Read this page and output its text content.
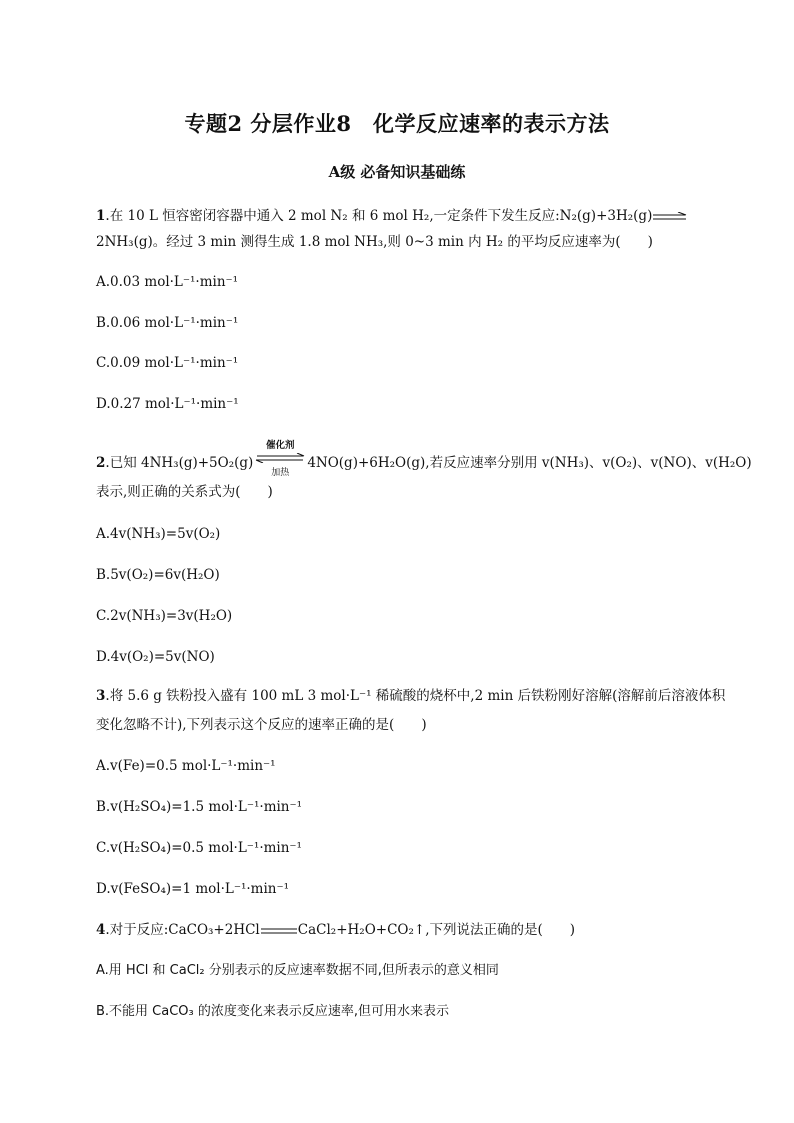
专题2 分层作业8　化学反应速率的表示方法
A级 必备知识基础练
1.在 10 L 恒容密闭容器中通入 2 mol N₂ 和 6 mol H₂,一定条件下发生反应:N₂(g)+3H₂(g)
2NH₃(g)。经过 3 min 测得生成 1.8 mol NH₃,则 0~3 min 内 H₂ 的平均反应速率为(　　)
A.0.03 mol·L⁻¹·min⁻¹
B.0.06 mol·L⁻¹·min⁻¹
C.0.09 mol·L⁻¹·min⁻¹
D.0.27 mol·L⁻¹·min⁻¹
2.已知 4NH₃(g)+5O₂(g)
催化剂
加热
4NO(g)+6H₂O(g),若反应速率分别用 v(NH₃)、v(O₂)、v(NO)、v(H₂O)
表示,则正确的关系式为(　　)
A.4v(NH₃)=5v(O₂)
B.5v(O₂)=6v(H₂O)
C.2v(NH₃)=3v(H₂O)
D.4v(O₂)=5v(NO)
3.将 5.6 g 铁粉投入盛有 100 mL 3 mol·L⁻¹ 稀硫酸的烧杯中,2 min 后铁粉刚好溶解(溶解前后溶液体积
变化忽略不计),下列表示这个反应的速率正确的是(　　)
A.v(Fe)=0.5 mol·L⁻¹·min⁻¹
B.v(H₂SO₄)=1.5 mol·L⁻¹·min⁻¹
C.v(H₂SO₄)=0.5 mol·L⁻¹·min⁻¹
D.v(FeSO₄)=1 mol·L⁻¹·min⁻¹
4.对于反应:CaCO₃+2HCl	CaCl₂+H₂O+CO₂↑,下列说法正确的是(　　)
A.用 HCl 和 CaCl₂ 分别表示的反应速率数据不同,但所表示的意义相同
B.不能用 CaCO₃ 的浓度变化来表示反应速率,但可用水来表示
